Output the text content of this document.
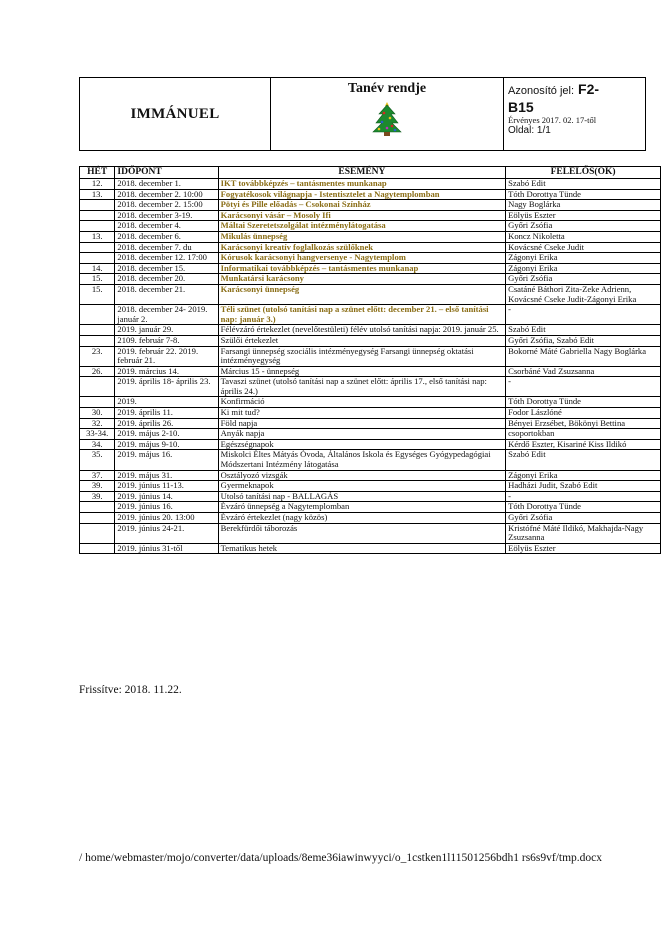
IMMÁNUEL	
Tanév rendje	Azonosító jel: F2-
B15
Érvényes 2017. 02. 17-től
Oldal: 1/1
HÉT	IDŐPONT	ESEMÉNY	FELELŐS(ÖK)
12.	2018. december 1.	IKT továbbképzés – tantásmentes munkanap	Szabó Edit
13.	2018. december 2. 10:00	Fogyatékosok világnapja - Istentisztelet a Nagytemplomban	Tóth Dorottya Tünde
	2018. december 2. 15:00	Pötyi és Pille előadás – Csokonai Színház	Nagy Boglárka
	2018. december 3-19.	Karácsonyi vásár – Mosoly Ifi	Eölyüs Eszter
	2018. december 4.	Máltai Szeretetszolgálat intézménylátogatása	Győri Zsófia
13.	2018. december 6.	Mikulás ünnepség	Koncz Nikoletta
	2018. december 7. du	Karácsonyi kreatív foglalkozás szülőknek	Kovácsné Cseke Judit
	2018. december 12. 17:00	Kórusok karácsonyi hangversenye - Nagytemplom	Zágonyi Erika
14.	2018. december 15.	Informatikai továbbképzés – tantásmentes munkanap	Zágonyi Erika
15.	2018. december 20.	Munkatársi karácsony	Győri Zsófia
15.	2018. december 21.	Karácsonyi ünnepség	Csatáné Báthori Zita-Zeke Adrienn, Kovácsné Cseke Judit-Zágonyi Erika
	2018. december 24- 2019. január 2.	Téli szünet (utolsó tanítási nap a szünet előtt: december 21. – első tanítási nap: január 3.)	-
	2019. január 29.	Félévzáró értekezlet (nevelőtestületi) félév utolsó tanítási napja: 2019. január 25.	Szabó Edit
	2109. február 7-8.	Szülői értekezlet	Győri Zsófia, Szabó Edit
23.	2019. február 22. 2019. február 21.	Farsangi ünnepség szociális intézményegység Farsangi ünnepség oktatási intézményegység	Bokorné Máté Gabriella Nagy Boglárka
26.	2019. március 14.	Március 15 - ünnepség	Csorbáné Vad Zsuzsanna
	2019. április 18- április 23.	Tavaszi szünet (utolsó tanítási nap a szünet előtt: április 17., első tanítási nap: április 24.)	-
	2019.	Konfirmáció	Tóth Dorottya Tünde
30.	2019. április 11.	Ki mit tud?	Fodor Lászlóné
32.	2019. április 26.	Föld napja	Bényei Erzsébet, Bökönyi Bettina
33-34.	2019. május 2-10.	Anyák napja	csoportokban
34.	2019. május 9-10.	Egészségnapok	Kérdő Eszter, Kisariné Kiss Ildikó
35.	2019. május 16.	Miskolci Éltes Mátyás Óvoda, Általános Iskola és Egységes Gyógypedagógiai Módszertani Intézmény látogatása	Szabó Edit
37.	2019. május 31.	Osztályozó vizsgák	Zágonyi Erika
39.	2019. június 11-13.	Gyermeknapok	Hadházi Judit, Szabó Edit
39.	2019. június 14.	Utolsó tanítási nap - BALLAGÁS	-
	2019. június 16.	Évzáró ünnepség a Nagytemplomban	Tóth Dorottya Tünde
	2019. június 20. 13:00	Évzáró értekezlet (nagy közös)	Győri Zsófia
	2019. június 24-21.	Berekfürdői táborozás	Kristófné Máté Ildikó, Makhajda-Nagy Zsuzsanna
	2019. június 31-től	Tematikus hetek	Eölyüs Eszter
Frissítve: 2018. 11.22.
/ home/webmaster/mojo/converter/data/uploads/8eme36iawinwyyci/o_1cstken1l11501256bdh1 rs6s9vf/tmp.docx
